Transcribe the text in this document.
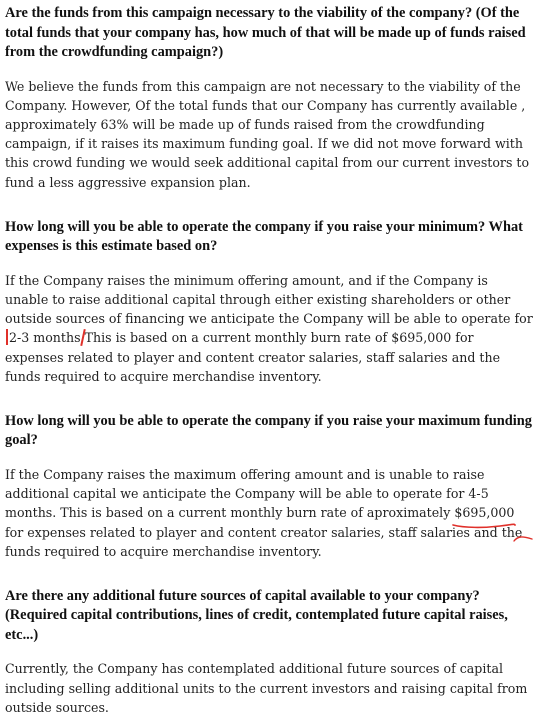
Are the funds from this campaign necessary to the viability of the company? (Of the total funds that your company has, how much of that will be made up of funds raised from the crowdfunding campaign?)

We believe the funds from this campaign are not necessary to the viability of the Company. However, Of the total funds that our Company has currently available , approximately 63% will be made up of funds raised from the crowdfunding campaign, if it raises its maximum funding goal. If we did not move forward with this crowd funding we would seek additional capital from our current investors to fund a less aggressive expansion plan.

How long will you be able to operate the company if you raise your minimum? What expenses is this estimate based on?

If the Company raises the minimum offering amount, and if the Company is unable to raise additional capital through either existing shareholders or other outside sources of financing we anticipate the Company will be able to operate for2-3 months This is based on a current monthly burn rate of $695,000 for expenses related to player and content creator salaries, staff salaries and the funds required to acquire merchandise inventory.

How long will you be able to operate the company if you raise your maximum funding goal?

If the Company raises the maximum offering amount and is unable to raise additional capital we anticipate the Company will be able to operate for 4-5 months. This is based on a current monthly burn rate of aproximately $695,000
for expenses related to player and content creator salaries, staff salaries and the
funds required to acquire merchandise inventory.

Are there any additional future sources of capital available to your company? (Required capital contributions, lines of credit, contemplated future capital raises, etc...)

Currently, the Company has contemplated additional future sources of capital including selling additional units to the current investors and raising capital from outside sources.
